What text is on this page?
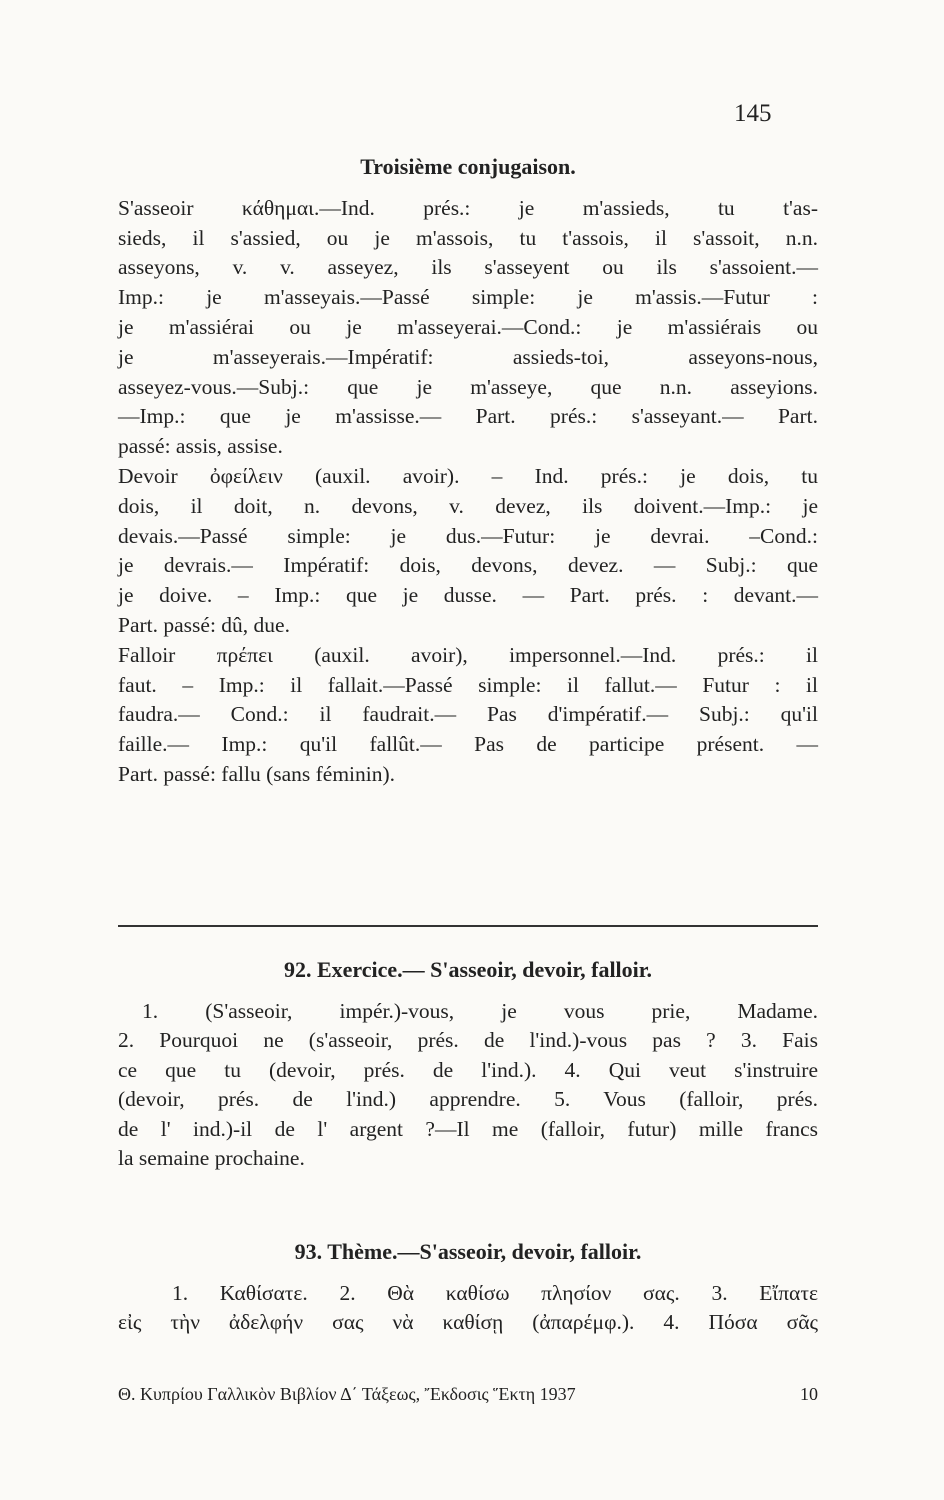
145
Troisième conjugaison.
S'asseoir κάθημαι.—Ind. prés.: je m'assieds, tu t'as-
sieds, il s'assied, ou je m'assois, tu t'assois, il s'assoit, n.n.
asseyons, v. v. asseyez, ils s'asseyent ou ils s'assoient.—
Imp.: je m'asseyais.—Passé simple: je m'assis.—Futur :
je m'assiérai ou je m'asseyerai.—Cond.: je m'assiérais ou
je m'asseyerais.—Impératif: assieds-toi, asseyons-nous,
asseyez-vous.—Subj.: que je m'asseye, que n.n. asseyions.
—Imp.: que je m'assisse.— Part. prés.: s'asseyant.— Part.
passé: assis, assise.
Devoir ὀφείλειν (auxil. avoir). – Ind. prés.: je dois, tu
dois, il doit, n. devons, v. devez, ils doivent.—Imp.: je
devais.—Passé simple: je dus.—Futur: je devrai. –Cond.:
je devrais.— Impératif: dois, devons, devez. — Subj.: que
je doive. – Imp.: que je dusse. — Part. prés. : devant.—
Part. passé: dû, due.
Falloir πρέπει (auxil. avoir), impersonnel.—Ind. prés.: il
faut. – Imp.: il fallait.—Passé simple: il fallut.— Futur : il
faudra.— Cond.: il faudrait.— Pas d'impératif.— Subj.: qu'il
faille.— Imp.: qu'il fallût.— Pas de participe présent. —
Part. passé: fallu (sans féminin).
92. Exercice.— S'asseoir, devoir, falloir.
1. (S'asseoir, impér.)-vous, je vous prie, Madame.
2. Pourquoi ne (s'asseoir, prés. de l'ind.)-vous pas ? 3. Fais
ce que tu (devoir, prés. de l'ind.). 4. Qui veut s'instruire
(devoir, prés. de l'ind.) apprendre. 5. Vous (falloir, prés.
de l' ind.)-il de l' argent ?—Il me (falloir, futur) mille francs
la semaine prochaine.
93. Thème.—S'asseoir, devoir, falloir.
1. Καθίσατε. 2. Θὰ καθίσω πλησίον σας. 3. Εἴπατε
εἰς τὴν ἀδελφήν σας νὰ καθίσῃ (ἀπαρέμφ.). 4. Πόσα σᾶς
Θ. Κυπρίου Γαλλικὸν Βιβλίον Δ΄ Τάξεως, Ἔκδοσις Ἕκτη 1937	10
